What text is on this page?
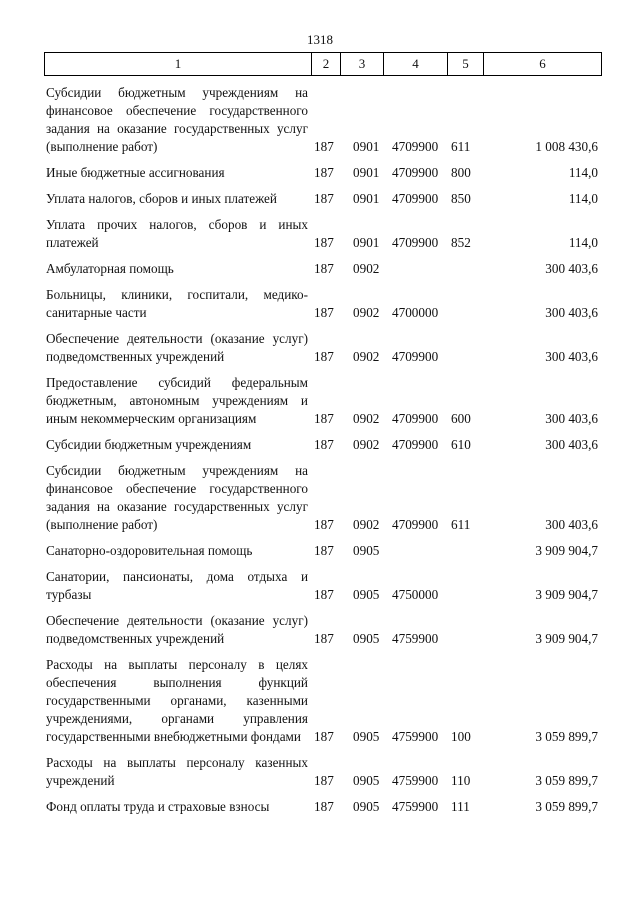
1318
1	2	3	4	5	6
Субсидии бюджетным учреждениям на финансовое обеспечение государственного задания на оказание государственных услуг (выполнение работ)	187 0901 4709900 611	1 008 430,6
Иные бюджетные ассигнования	187 0901 4709900 800	114,0
Уплата налогов, сборов и иных платежей	187 0901 4709900 850	114,0
Уплата прочих налогов, сборов и иных платежей	187 0901 4709900 852	114,0
Амбулаторная помощь	187 0902	300 403,6
Больницы, клиники, госпитали, медико-санитарные части	187 0902 4700000	300 403,6
Обеспечение деятельности (оказание услуг) подведомственных учреждений	187 0902 4709900	300 403,6
Предоставление субсидий федеральным бюджетным, автономным учреждениям и иным некоммерческим организациям	187 0902 4709900 600	300 403,6
Субсидии бюджетным учреждениям	187 0902 4709900 610	300 403,6
Субсидии бюджетным учреждениям на финансовое обеспечение государственного задания на оказание государственных услуг (выполнение работ)	187 0902 4709900 611	300 403,6
Санаторно-оздоровительная помощь	187 0905	3 909 904,7
Санатории, пансионаты, дома отдыха и турбазы	187 0905 4750000	3 909 904,7
Обеспечение деятельности (оказание услуг) подведомственных учреждений	187 0905 4759900	3 909 904,7
Расходы на выплаты персоналу в целях обеспечения выполнения функций государственными органами, казенными учреждениями, органами управления государственными внебюджетными фондами 187 0905 4759900 100	3 059 899,7
Расходы на выплаты персоналу казенных учреждений	187 0905 4759900 110	3 059 899,7
Фонд оплаты труда и страховые взносы	187 0905 4759900 111	3 059 899,7
